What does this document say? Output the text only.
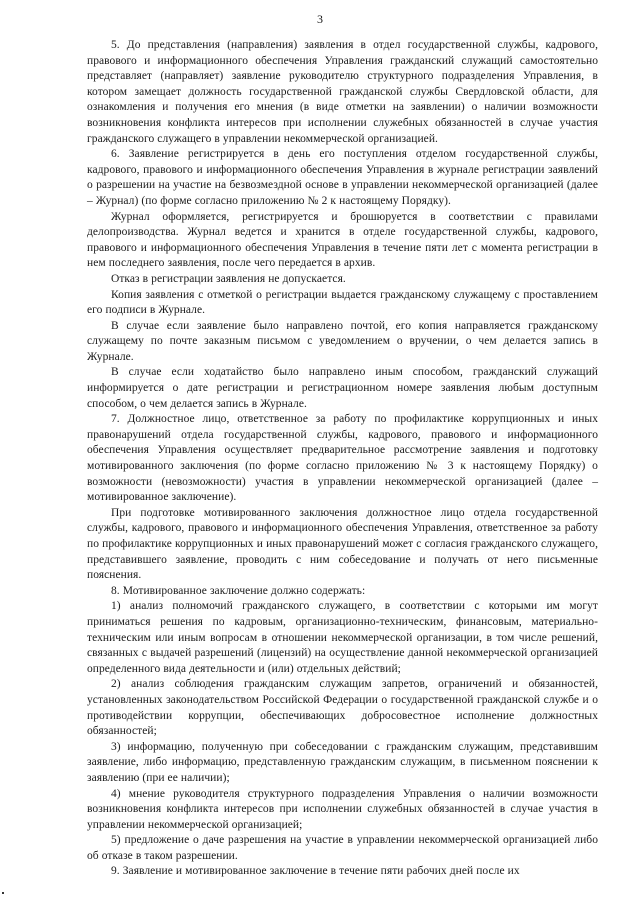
3

5. До представления (направления) заявления в отдел государственной службы, кадрового, правового и информационного обеспечения Управления гражданский служащий самостоятельно представляет (направляет) заявление руководителю структурного подразделения Управления, в котором замещает должность государственной гражданской службы Свердловской области, для ознакомления и получения его мнения (в виде отметки на заявлении) о наличии возможности возникновения конфликта интересов при исполнении служебных обязанностей в случае участия гражданского служащего в управлении некоммерческой организацией.

6. Заявление регистрируется в день его поступления отделом государственной службы, кадрового, правового и информационного обеспечения Управления в журнале регистрации заявлений о разрешении на участие на безвозмездной основе в управлении некоммерческой организацией (далее – Журнал) (по форме согласно приложению № 2 к настоящему Порядку).

Журнал оформляется, регистрируется и брошюруется в соответствии с правилами делопроизводства. Журнал ведется и хранится в отделе государственной службы, кадрового, правового и информационного обеспечения Управления в течение пяти лет с момента регистрации в нем последнего заявления, после чего передается в архив.

Отказ в регистрации заявления не допускается.

Копия заявления с отметкой о регистрации выдается гражданскому служащему с проставлением его подписи в Журнале.

В случае если заявление было направлено почтой, его копия направляется гражданскому служащему по почте заказным письмом с уведомлением о вручении, о чем делается запись в Журнале.

В случае если ходатайство было направлено иным способом, гражданский служащий информируется о дате регистрации и регистрационном номере заявления любым доступным способом, о чем делается запись в Журнале.

7. Должностное лицо, ответственное за работу по профилактике коррупционных и иных правонарушений отдела государственной службы, кадрового, правового и информационного обеспечения Управления осуществляет предварительное рассмотрение заявления и подготовку мотивированного заключения (по форме согласно приложению № 3 к настоящему Порядку) о возможности (невозможности) участия в управлении некоммерческой организацией (далее – мотивированное заключение).

При подготовке мотивированного заключения должностное лицо отдела государственной службы, кадрового, правового и информационного обеспечения Управления, ответственное за работу по профилактике коррупционных и иных правонарушений может с согласия гражданского служащего, представившего заявление, проводить с ним собеседование и получать от него письменные пояснения.

8. Мотивированное заключение должно содержать:

1) анализ полномочий гражданского служащего, в соответствии с которыми им могут приниматься решения по кадровым, организационно-техническим, финансовым, материально-техническим или иным вопросам в отношении некоммерческой организации, в том числе решений, связанных с выдачей разрешений (лицензий) на осуществление данной некоммерческой организацией определенного вида деятельности и (или) отдельных действий;

2) анализ соблюдения гражданским служащим запретов, ограничений и обязанностей, установленных законодательством Российской Федерации о государственной гражданской службе и о противодействии коррупции, обеспечивающих добросовестное исполнение должностных обязанностей;

3) информацию, полученную при собеседовании с гражданским служащим, представившим заявление, либо информацию, представленную гражданским служащим, в письменном пояснении к заявлению (при ее наличии);

4) мнение руководителя структурного подразделения Управления о наличии возможности возникновения конфликта интересов при исполнении служебных обязанностей в случае участия в управлении некоммерческой организацией;

5) предложение о даче разрешения на участие в управлении некоммерческой организацией либо об отказе в таком разрешении.

9. Заявление и мотивированное заключение в течение пяти рабочих дней после их
